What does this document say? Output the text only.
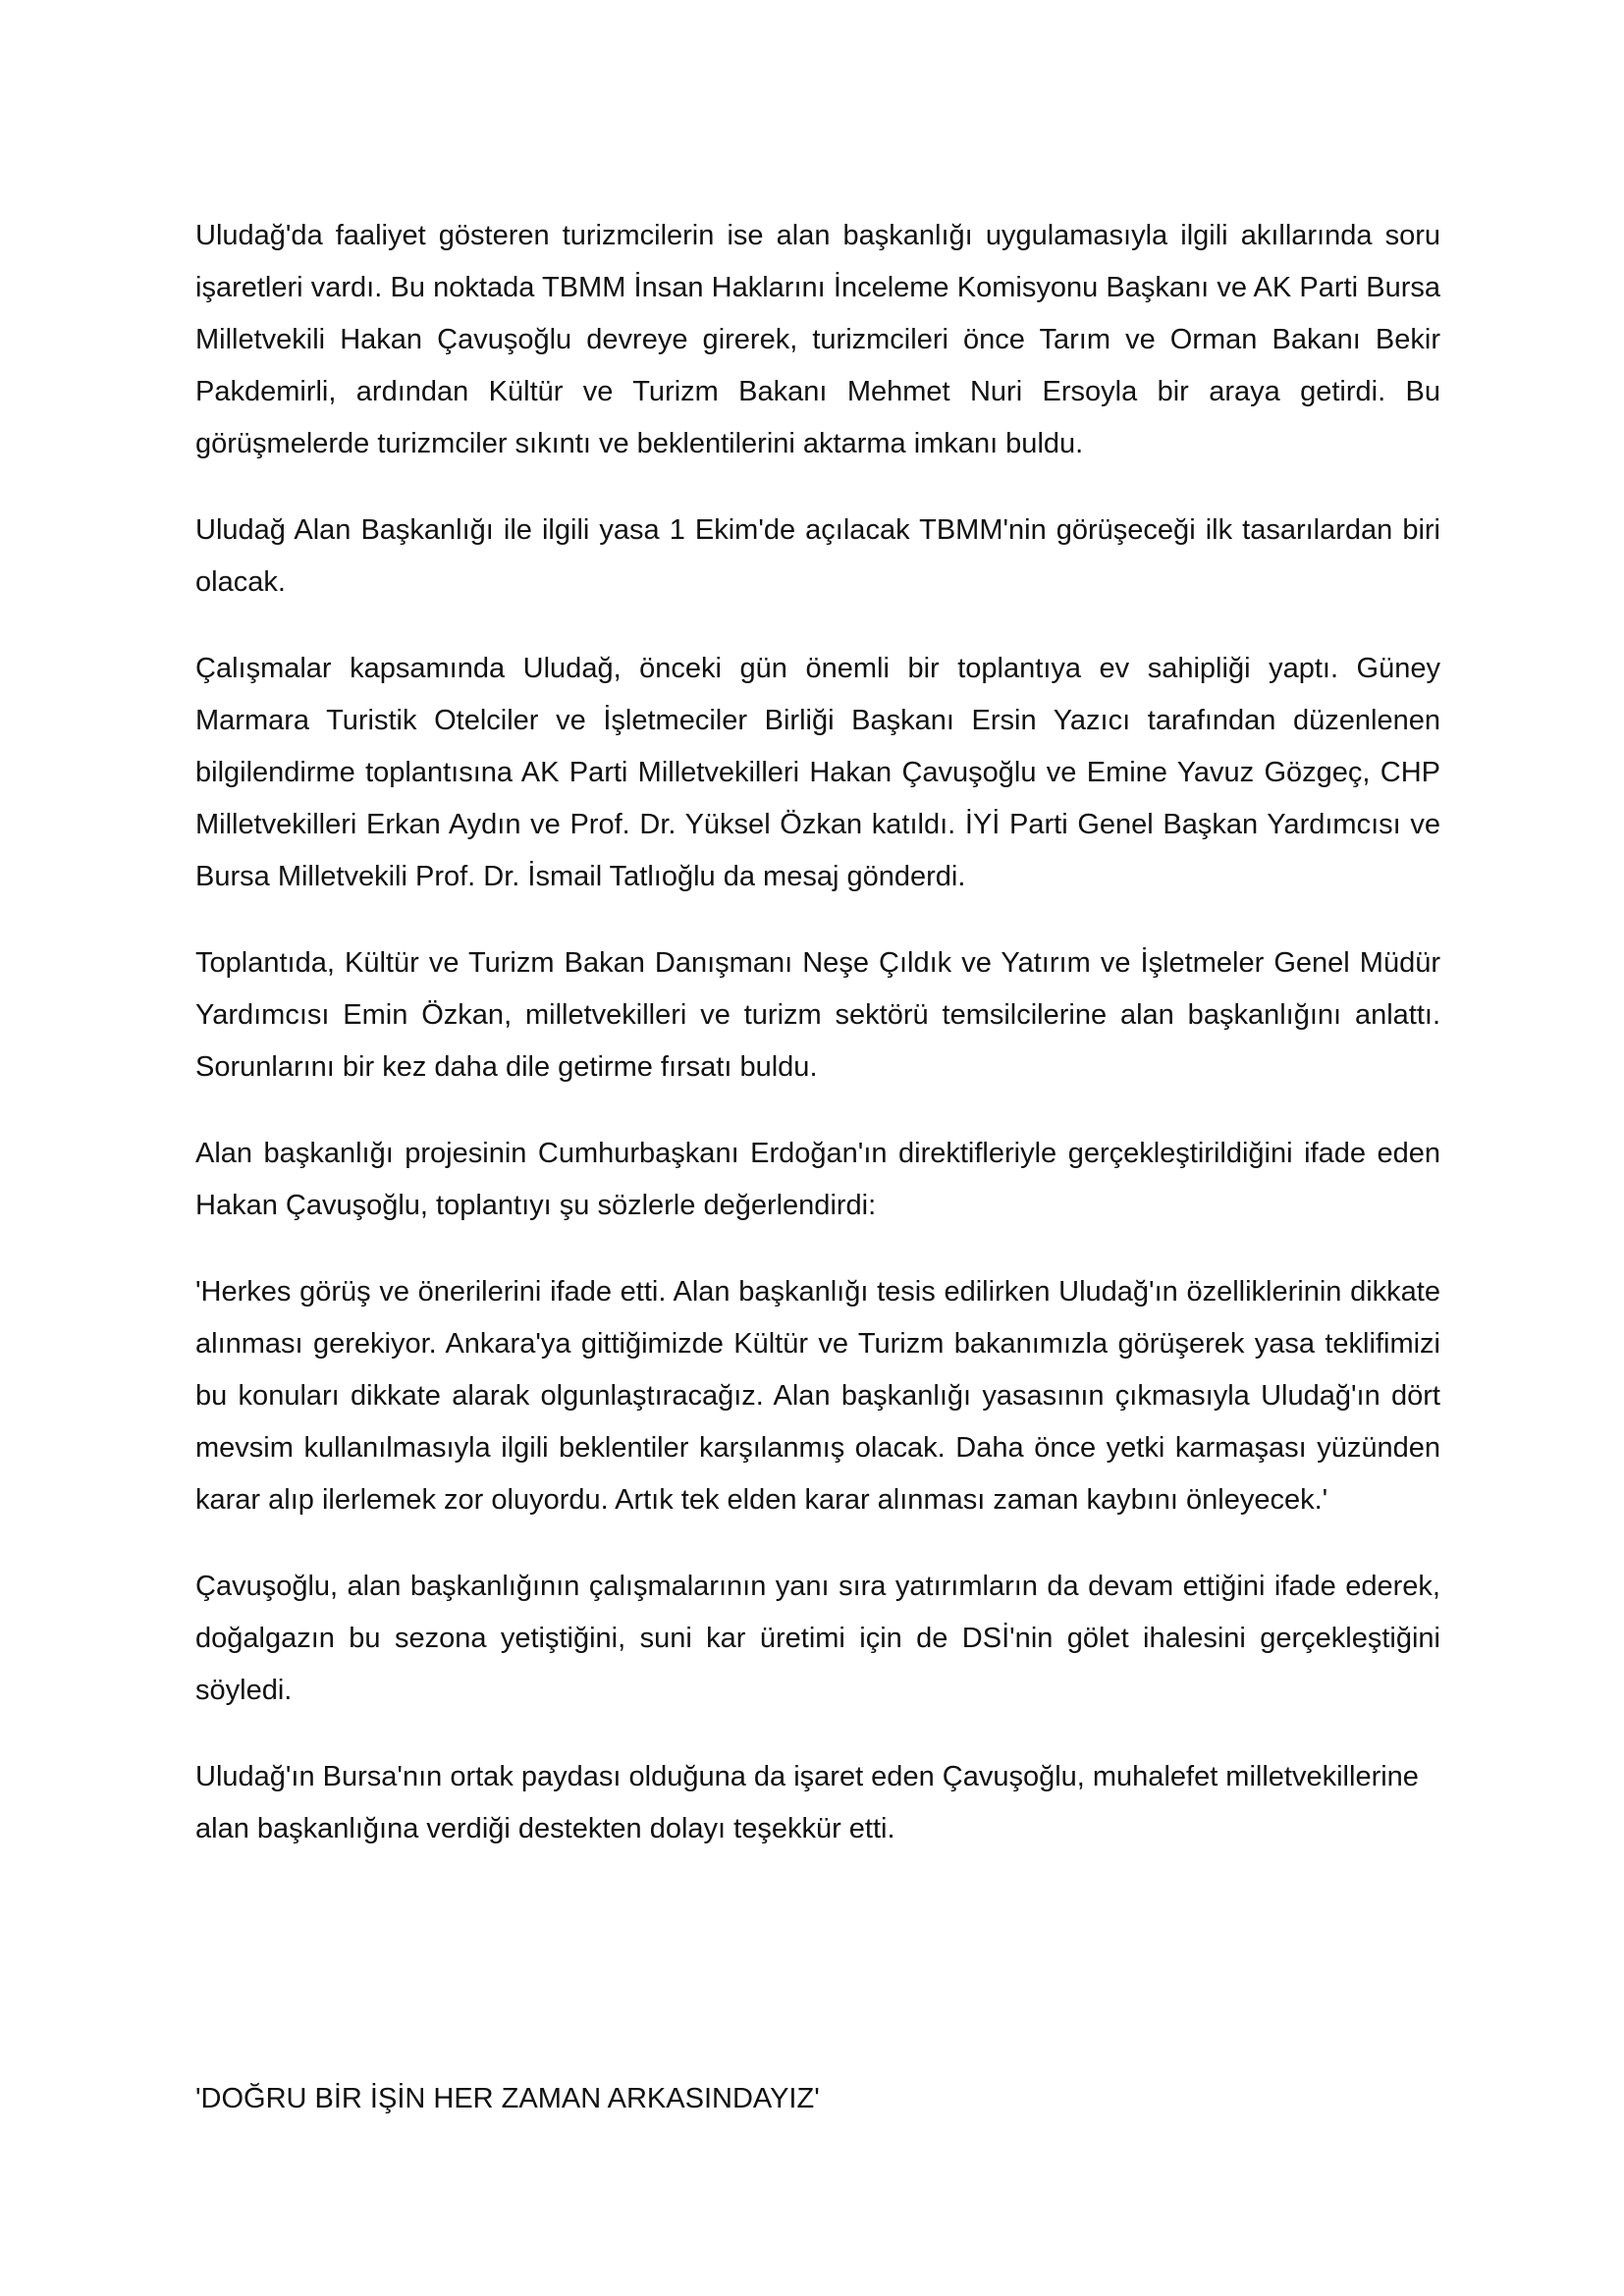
Uludağ'da faaliyet gösteren turizmcilerin ise alan başkanlığı uygulamasıyla ilgili akıllarında soru işaretleri vardı. Bu noktada TBMM İnsan Haklarını İnceleme Komisyonu Başkanı ve AK Parti Bursa Milletvekili Hakan Çavuşoğlu devreye girerek, turizmcileri önce Tarım ve Orman Bakanı Bekir Pakdemirli, ardından Kültür ve Turizm Bakanı Mehmet Nuri Ersoyla bir araya getirdi. Bu görüşmelerde turizmciler sıkıntı ve beklentilerini aktarma imkanı buldu.

Uludağ Alan Başkanlığı ile ilgili yasa 1 Ekim'de açılacak TBMM'nin görüşeceği ilk tasarılardan biri olacak.

Çalışmalar kapsamında Uludağ, önceki gün önemli bir toplantıya ev sahipliği yaptı. Güney Marmara Turistik Otelciler ve İşletmeciler Birliği Başkanı Ersin Yazıcı tarafından düzenlenen bilgilendirme toplantısına AK Parti Milletvekilleri Hakan Çavuşoğlu ve Emine Yavuz Gözgeç, CHP Milletvekilleri Erkan Aydın ve Prof. Dr. Yüksel Özkan katıldı. İYİ Parti Genel Başkan Yardımcısı ve Bursa Milletvekili Prof. Dr. İsmail Tatlıoğlu da mesaj gönderdi.

Toplantıda, Kültür ve Turizm Bakan Danışmanı Neşe Çıldık ve Yatırım ve İşletmeler Genel Müdür Yardımcısı Emin Özkan, milletvekilleri ve turizm sektörü temsilcilerine alan başkanlığını anlattı. Sorunlarını bir kez daha dile getirme fırsatı buldu.

Alan başkanlığı projesinin Cumhurbaşkanı Erdoğan'ın direktifleriyle gerçekleştirildiğini ifade eden Hakan Çavuşoğlu, toplantıyı şu sözlerle değerlendirdi:

'Herkes görüş ve önerilerini ifade etti. Alan başkanlığı tesis edilirken Uludağ'ın özelliklerinin dikkate alınması gerekiyor. Ankara'ya gittiğimizde Kültür ve Turizm bakanımızla görüşerek yasa teklifimizi bu konuları dikkate alarak olgunlaştıracağız. Alan başkanlığı yasasının çıkmasıyla Uludağ'ın dört mevsim kullanılmasıyla ilgili beklentiler karşılanmış olacak. Daha önce yetki karmaşası yüzünden karar alıp ilerlemek zor oluyordu. Artık tek elden karar alınması zaman kaybını önleyecek.'

Çavuşoğlu, alan başkanlığının çalışmalarının yanı sıra yatırımların da devam ettiğini ifade ederek, doğalgazın bu sezona yetiştiğini, suni kar üretimi için de DSİ'nin gölet ihalesini gerçekleştiğini söyledi.

Uludağ'ın Bursa'nın ortak paydası olduğuna da işaret eden Çavuşoğlu, muhalefet milletvekillerine alan başkanlığına verdiği destekten dolayı teşekkür etti.

'DOĞRU BİR İŞİN HER ZAMAN ARKASINDAYIZ'
